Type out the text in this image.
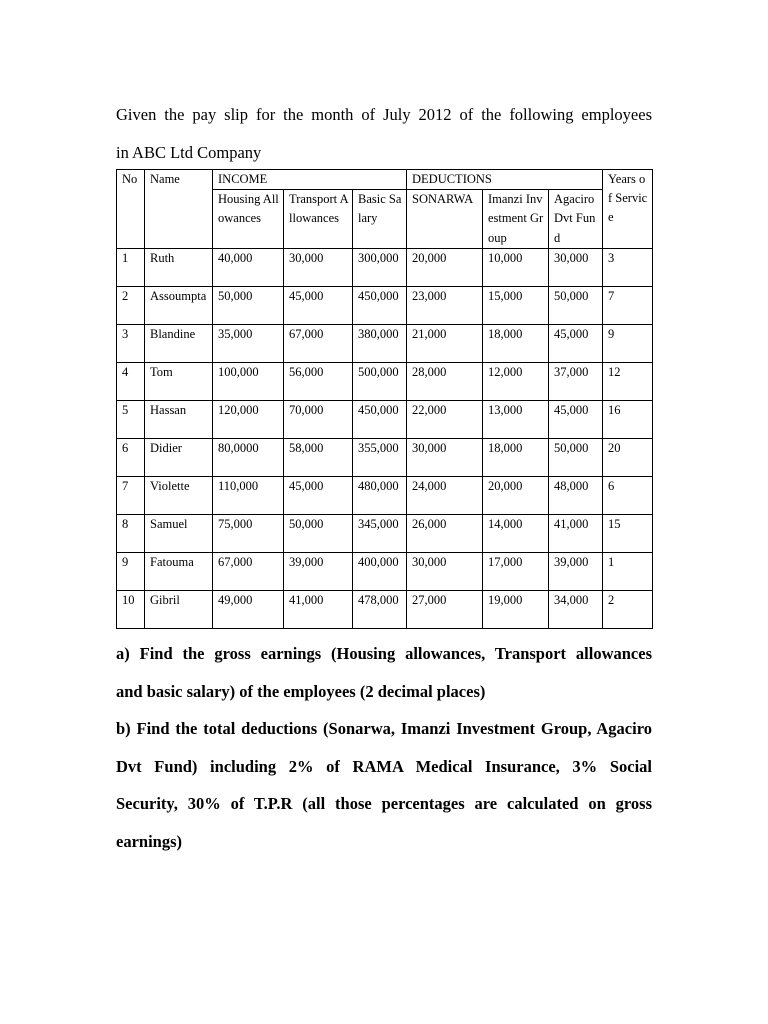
Given the pay slip for the month of July 2012 of the following employees
in ABC Ltd Company
No	Name	INCOME			DEDUCTIONS			Years of Service
		Housing Allowances	Transport Allowances	Basic Salary	SONARWA	Imanzi Investment Group	Agaciro Dvt Fund	
1	Ruth	40,000	30,000	300,000	20,000	10,000	30,000	3
2	Assoumpta	50,000	45,000	450,000	23,000	15,000	50,000	7
3	Blandine	35,000	67,000	380,000	21,000	18,000	45,000	9
4	Tom	100,000	56,000	500,000	28,000	12,000	37,000	12
5	Hassan	120,000	70,000	450,000	22,000	13,000	45,000	16
6	Didier	80,0000	58,000	355,000	30,000	18,000	50,000	20
7	Violette	110,000	45,000	480,000	24,000	20,000	48,000	6
8	Samuel	75,000	50,000	345,000	26,000	14,000	41,000	15
9	Fatouma	67,000	39,000	400,000	30,000	17,000	39,000	1
10	Gibril	49,000	41,000	478,000	27,000	19,000	34,000	2
a) Find the gross earnings (Housing allowances, Transport allowances
and basic salary) of the employees (2 decimal places)
b) Find the total deductions (Sonarwa, Imanzi Investment Group, Agaciro
Dvt Fund) including 2% of RAMA Medical Insurance, 3% Social
Security, 30% of T.P.R (all those percentages are calculated on gross
earnings)
